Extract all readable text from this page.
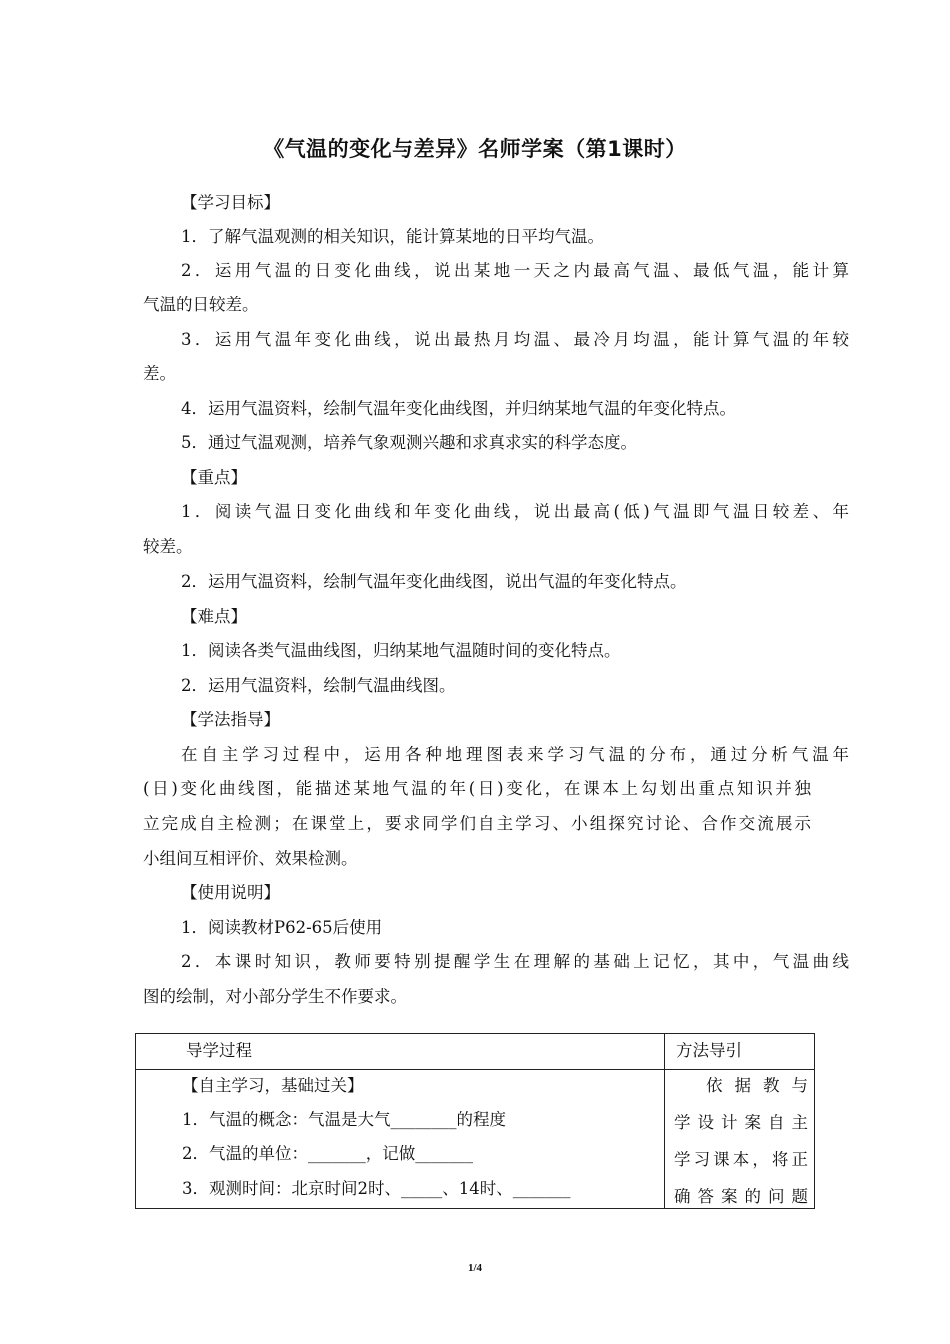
《气温的变化与差异》名师学案（第1课时）
【学习目标】
1．了解气温观测的相关知识，能计算某地的日平均气温。
2．运用气温的日变化曲线，说出某地一天之内最高气温、最低气温，能计算
气温的日较差。
3．运用气温年变化曲线，说出最热月均温、最冷月均温，能计算气温的年较
差。
4．运用气温资料，绘制气温年变化曲线图，并归纳某地气温的年变化特点。
5．通过气温观测，培养气象观测兴趣和求真求实的科学态度。
【重点】
1．阅读气温日变化曲线和年变化曲线，说出最高(低)气温即气温日较差、年
较差。
2．运用气温资料，绘制气温年变化曲线图，说出气温的年变化特点。
【难点】
1．阅读各类气温曲线图，归纳某地气温随时间的变化特点。
2．运用气温资料，绘制气温曲线图。
【学法指导】
在自主学习过程中，运用各种地理图表来学习气温的分布，通过分析气温年
(日)变化曲线图，能描述某地气温的年(日)变化，在课本上勾划出重点知识并独
立完成自主检测；在课堂上，要求同学们自主学习、小组探究讨论、合作交流展示
小组间互相评价、效果检测。
【使用说明】
1．阅读教材P62-65后使用
2．本课时知识，教师要特别提醒学生在理解的基础上记忆，其中，气温曲线
图的绘制，对小部分学生不作要求。
导学过程	方法导引
【自主学习，基础过关】
1．气温的概念：气温是大气________的程度
2．气温的单位：_______，记做_______
3．观测时间：北京时间2时、_____、14时、_______
依据教与
学设计案自主
学习课本，将正
确答案的问题
1/4
